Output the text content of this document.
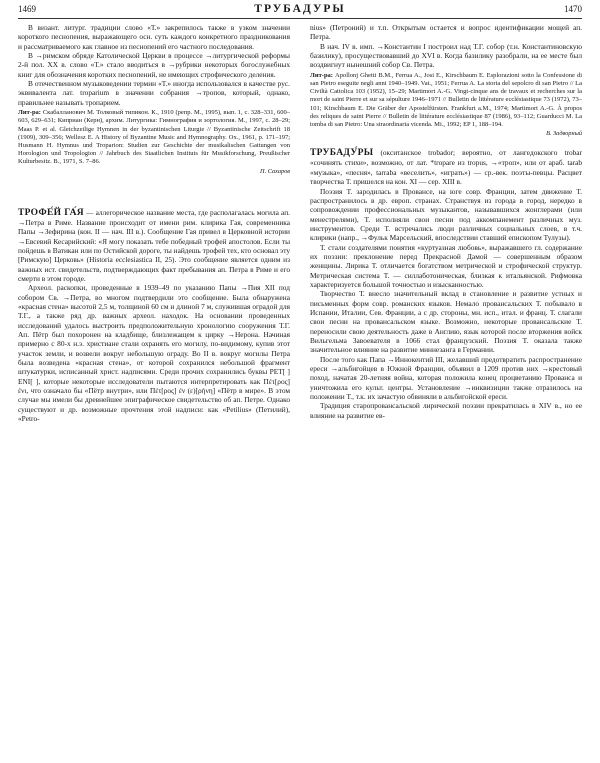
1469	ТРУБАДУРЫ	1470

В визант. литург. традиции слово «Т.» закрепилось также в узком значении короткого песнопения, выражающего осн. суть каждого конкретного праздникования и рассматриваемого как главное из песнопений его частного последования.

В →римском обряде Католической Церкви в процессе →литургической реформы 2-й пол. XX в. слово «Т.» стало вводиться в →рубрики некоторых богослужебных книг для обозначения коротких песнопений, не имеющих строфического деления.

В отечественном музыковедении термин «Т.» иногда использовался в качестве рус. эквивалента лат. troparium в значении собрания →тропов, который, однако, правильнее называть тропарием.

Лит-ра: Скабалланович М. Толковый типикон. К., 1910 (репр. М., 1995), вып. 1, с. 328–331, 600–603, 629–631; Киприан (Керн), архим. Литургика: Гимнография и эортология. М., 1997, с. 28–29; Maas P. et al. Gleichzeilige Hymnen in der byzantinischen Liturgie // Byzantinische Zeitschrift 18 (1909), 309–356; Wellesz E. A History of Byzantine Music and Hymnography. Ox., 1961, p. 171–197; Husmann H. Hymnus und Troparion: Studien zur Geschichte der musikalischen Gattungen von Horologion und Tropologion // Jahrbuch des Staatlichen Instituts für Musikforschung, Preußischer Kulturbesitz. B., 1971, S. 7–86.

П. Сахаров

ТРОФЕ́Й ГА́Я — аллегорическое название места, где располагалась могила ап. →Петра в Риме. Название происходит от имени рим. клирика Гая, современника Папы →Зефирина (кон. II — нач. III в.). Сообщение Гая привел в Церковной истории →Евсевий Кесарийский: «Я могу показать тебе победный трофей апостолов. Если ты пойдешь в Ватикан или по Остийской дороге, ты найдешь трофей тех, кто основал эту [Римскую] Церковь» (Historia ecclesiastica II, 25). Это сообщение является одним из важных ист. свидетельств, подтверждающих факт пребывания ап. Петра в Риме и его смерти в этом городе.

Археол. раскопки, проведенные в 1939–49 по указанию Папы →Пия XII под собором Св. →Петра, во многом подтвердили это сообщение. Была обнаружена «красная стена» высотой 2,5 м, толщиной 60 см и длиной 7 м, служившая оградой для Т.Г., а также ряд др. важных археол. находок. На основании проведенных исследований удалось выстроить предположительную хронологию сооружения Т.Г. Ап. Пётр был похоронен на кладбище, близлежащем к цирку →Нерона. Начиная примерно с 80-х н.э. христиане стали охранять его могилу, по-видимому, купив этот участок земли, и возвели вокруг небольшую ограду. Во II в. вокруг могилы Петра была возведена «красная стена», от которой сохранился небольшой фрагмент штукатурки, исписанный христ. надписями. Среди прочих сохранились буквы PET[ ] ENI[ ], которые некоторые исследователи пытаются интерпретировать как Πέτ[ρος] ένι, что означало бы «Пётр внутри», или Πέτ[ρος] έν (ε)[ρήνη] «Пётр в мире». В этом случае мы имели бы древнейшее эпиграфическое свидетельство об ап. Петре. Однако существуют и др. возможные прочтения этой надписи: как «Petilius» (Петилий), «Petro-

nius» (Петроний) и т.п. Открытым остается и вопрос идентификации мощей ап. Петра.

В нач. IV в. имп. →Константин I построил над Т.Г. собор (т.н. Константиновскую базилику), просуществовавший до XVI в. Когда базилику разобрали, на ее месте был воздвигнут нынешний собор Св. Петра.

Лит-ра: Apollonj Ghetti B.M., Ferrua A., Josi E., Kirschbaum E. Esplorazioni sotto la Confessione di san Pietro eseguite negli anni 1940–1949. Vat., 1951; Ferrua A. La storia del sepolcro di san Pietro // La Civiltà Cattolica 103 (1952), 15–29; Martimort A.-G. Vingt-cinque ans de travaux et recherches sur la mort de saint Pierre et sur sa sépulture 1946–1971 // Bulletin de littérature ecclésiastique 73 (1972), 73–101; Kirschbaum E. Die Gräber der Apostelfürsten. Frankfurt a.M., 1974; Martimort A.-G. À propos des reliques de saint Pierre // Bulletin de littérature ecclésiastique 87 (1986), 93–112; Guarducci M. La tomba di san Pietro: Una straordinaria vicenda. Mi., 1992; EP 1, 188–194.

В. Задворный

ТРУБАДУ́РЫ (окситанское trobador; вероятно, от лангедокского trobar «сочинять стихи», возможно, от лат. *tropare из tropus, →«троп», или от араб. tarab «музыка», «песня», tarraba «веселить», «играть») — ср.-век. поэты-певцы. Расцвет творчества Т. пришелся на кон. XI — сер. XIII в.

Поэзия Т. зародилась в Провансе, на юге совр. Франции, затем движение Т. распространилось в др. европ. странах. Странствуя из города в город, нередко в сопровождении профессиональных музыкантов, называвшихся жонглерами (или менестрелями), Т. исполняли свои песни под аккомпанемент различных муз. инструментов. Среди Т. встречались люди различных социальных слоев, в т.ч. клирики (напр., →Фульк Марсельский, впоследствии ставший епископом Тулузы).

Т. стали создателями понятия «куртуазная любовь», выражавшего гл. содержание их поэзии: преклонение перед Прекрасной Дамой — совершенным образом женщины. Лирика Т. отличается богатством метрической и строфической структур. Метрическая система Т. — силлаботоническая, близкая к итальянской. Рифмовка характеризуется большой точностью и изысканностью.

Творчество Т. внесло значительный вклад в становление и развитие устных и письменных форм совр. романских языков. Немало провансальских Т. побывало в Испании, Италии, Сев. Франции, а с др. стороны, мн. исп., итал. и франц. Т. слагали свои песни на провансальском языке. Возможно, некоторые провансальские Т. переносили свою деятельность даже в Англию, язык которой после вторжения войск Вильгельма Завоевателя в 1066 стал французский. Поэзия Т. оказала также значительное влияние на развитие миннезанга в Германии.

После того как Папа →Иннокентий III, желавший предотвратить распространение ереси →альбигойцев в Южной Франции, объявил в 1209 против них →крестовый поход, начатая 20-летняя война, которая положила конец процветанию Прованса и уничтожила его культ. центры. Установление →инквизиции также отразилось на положении Т., т.к. их зачастую обвиняли в альбигойской ереси.

Традиция старопровансальской лирической поэзии прекратилась в XIV в., но ее влияние на развитие ев-
